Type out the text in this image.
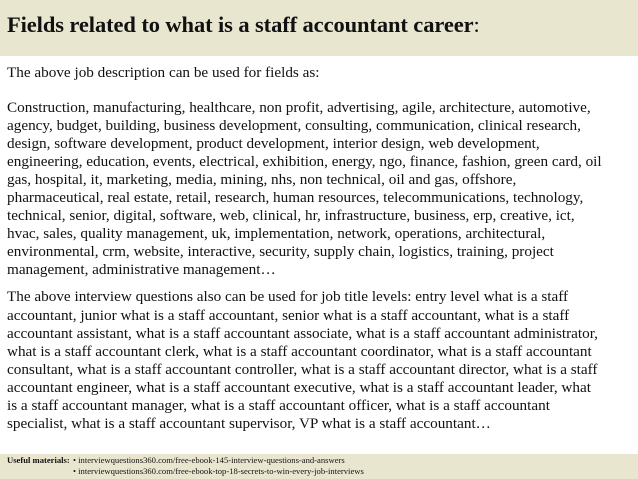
Fields related to what is a staff accountant career:

The above job description can be used for fields as:

Construction, manufacturing, healthcare, non profit, advertising, agile, architecture, automotive,
agency, budget, building, business development, consulting, communication, clinical research,
design, software development, product development, interior design, web development,
engineering, education, events, electrical, exhibition, energy, ngo, finance, fashion, green card, oil
gas, hospital, it, marketing, media, mining, nhs, non technical, oil and gas, offshore,
pharmaceutical, real estate, retail, research, human resources, telecommunications, technology,
technical, senior, digital, software, web, clinical, hr, infrastructure, business, erp, creative, ict,
hvac, sales, quality management, uk, implementation, network, operations, architectural,
environmental, crm, website, interactive, security, supply chain, logistics, training, project
management, administrative management…

The above interview questions also can be used for job title levels: entry level what is a staff
accountant, junior what is a staff accountant, senior what is a staff accountant, what is a staff
accountant assistant, what is a staff accountant associate, what is a staff accountant administrator,
what is a staff accountant clerk, what is a staff accountant coordinator, what is a staff accountant
consultant, what is a staff accountant controller, what is a staff accountant director, what is a staff
accountant engineer, what is a staff accountant executive, what is a staff accountant leader, what
is a staff accountant manager, what is a staff accountant officer, what is a staff accountant
specialist, what is a staff accountant supervisor, VP what is a staff accountant…

Useful materials: • interviewquestions360.com/free-ebook-145-interview-questions-and-answers
• interviewquestions360.com/free-ebook-top-18-secrets-to-win-every-job-interviews
